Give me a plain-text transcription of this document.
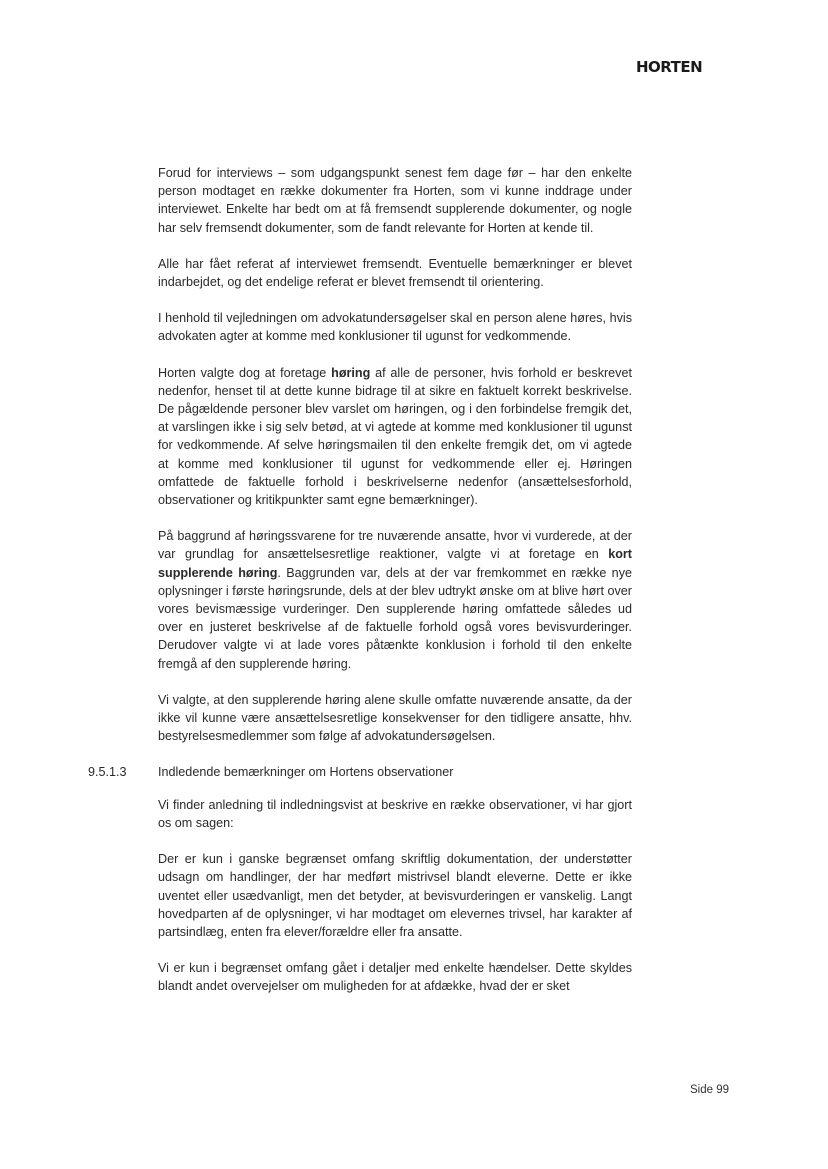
HORTEN

Forud for interviews – som udgangspunkt senest fem dage før – har den enkelte person modtaget en række dokumenter fra Horten, som vi kunne inddrage under interviewet. Enkelte har bedt om at få fremsendt supplerende dokumenter, og nogle har selv fremsendt dokumenter, som de fandt relevante for Horten at kende til.

Alle har fået referat af interviewet fremsendt. Eventuelle bemærkninger er blevet indarbejdet, og det endelige referat er blevet fremsendt til orientering.

I henhold til vejledningen om advokatundersøgelser skal en person alene høres, hvis advokaten agter at komme med konklusioner til ugunst for vedkommende.

Horten valgte dog at foretage høring af alle de personer, hvis forhold er beskrevet nedenfor, henset til at dette kunne bidrage til at sikre en faktuelt korrekt beskrivelse. De pågældende personer blev varslet om høringen, og i den forbindelse fremgik det, at varslingen ikke i sig selv betød, at vi agtede at komme med konklusioner til ugunst for vedkommende. Af selve høringsmailen til den enkelte fremgik det, om vi agtede at komme med konklusioner til ugunst for vedkommende eller ej. Høringen omfattede de faktuelle forhold i beskrivelserne nedenfor (ansættelsesforhold, observationer og kritikpunkter samt egne bemærkninger).

På baggrund af høringssvarene for tre nuværende ansatte, hvor vi vurderede, at der var grundlag for ansættelsesretlige reaktioner, valgte vi at foretage en kort supplerende høring. Baggrunden var, dels at der var fremkommet en række nye oplysninger i første høringsrunde, dels at der blev udtrykt ønske om at blive hørt over vores bevismæssige vurderinger. Den supplerende høring omfattede således ud over en justeret beskrivelse af de faktuelle forhold også vores bevisvurderinger. Derudover valgte vi at lade vores påtænkte konklusion i forhold til den enkelte fremgå af den supplerende høring.

Vi valgte, at den supplerende høring alene skulle omfatte nuværende ansatte, da der ikke vil kunne være ansættelsesretlige konsekvenser for den tidligere ansatte, hhv. bestyrelsesmedlemmer som følge af advokatundersøgelsen.

9.5.1.3 Indledende bemærkninger om Hortens observationer

Vi finder anledning til indledningsvist at beskrive en række observationer, vi har gjort os om sagen:

Der er kun i ganske begrænset omfang skriftlig dokumentation, der understøtter udsagn om handlinger, der har medført mistrivsel blandt eleverne. Dette er ikke uventet eller usædvanligt, men det betyder, at bevisvurderingen er vanskelig. Langt hovedparten af de oplysninger, vi har modtaget om elevernes trivsel, har karakter af partsindlæg, enten fra elever/forældre eller fra ansatte.

Vi er kun i begrænset omfang gået i detaljer med enkelte hændelser. Dette skyldes blandt andet overvejelser om muligheden for at afdække, hvad der er sket

Side 99
